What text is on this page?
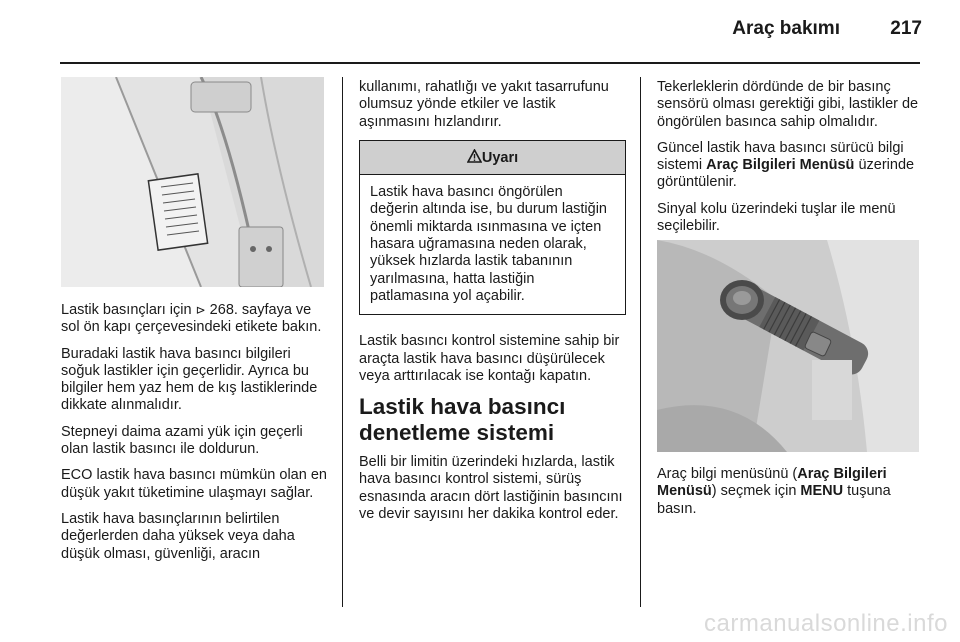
Araç bakımı	217

Lastik basınçları için ⊳ 268. sayfaya ve sol ön kapı çerçevesindeki etikete bakın.

Buradaki lastik hava basıncı bilgileri soğuk lastikler için geçerlidir. Ayrıca bu bilgiler hem yaz hem de kış lastiklerinde dikkate alınmalıdır.

Stepneyi daima azami yük için geçerli olan lastik basıncı ile doldurun.

ECO lastik hava basıncı mümkün olan en düşük yakıt tüketimine ulaşmayı sağlar.

Lastik hava basınçlarının belirtilen değerlerden daha yüksek veya daha düşük olması, güvenliği, aracın

kullanımı, rahatlığı ve yakıt tasarrufunu olumsuz yönde etkiler ve lastik aşınmasını hızlandırır.

Uyarı
Lastik hava basıncı öngörülen değerin altında ise, bu durum lastiğin önemli miktarda ısınmasına ve içten hasara uğramasına neden olarak, yüksek hızlarda lastik tabanının yarılmasına, hatta lastiğin patlamasına yol açabilir.

Lastik basıncı kontrol sistemine sahip bir araçta lastik hava basıncı düşürülecek veya arttırılacak ise kontağı kapatın.

Lastik hava basıncı denetleme sistemi

Belli bir limitin üzerindeki hızlarda, lastik hava basıncı kontrol sistemi, sürüş esnasında aracın dört lastiğinin basıncını ve devir sayısını her dakika kontrol eder.

Tekerleklerin dördünde de bir basınç sensörü olması gerektiği gibi, lastikler de öngörülen basınca sahip olmalıdır.

Güncel lastik hava basıncı sürücü bilgi sistemi Araç Bilgileri Menüsü üzerinde görüntülenir.

Sinyal kolu üzerindeki tuşlar ile menü seçilebilir.

Araç bilgi menüsünü (Araç Bilgileri Menüsü) seçmek için MENU tuşuna basın.

carmanualsonline.info
